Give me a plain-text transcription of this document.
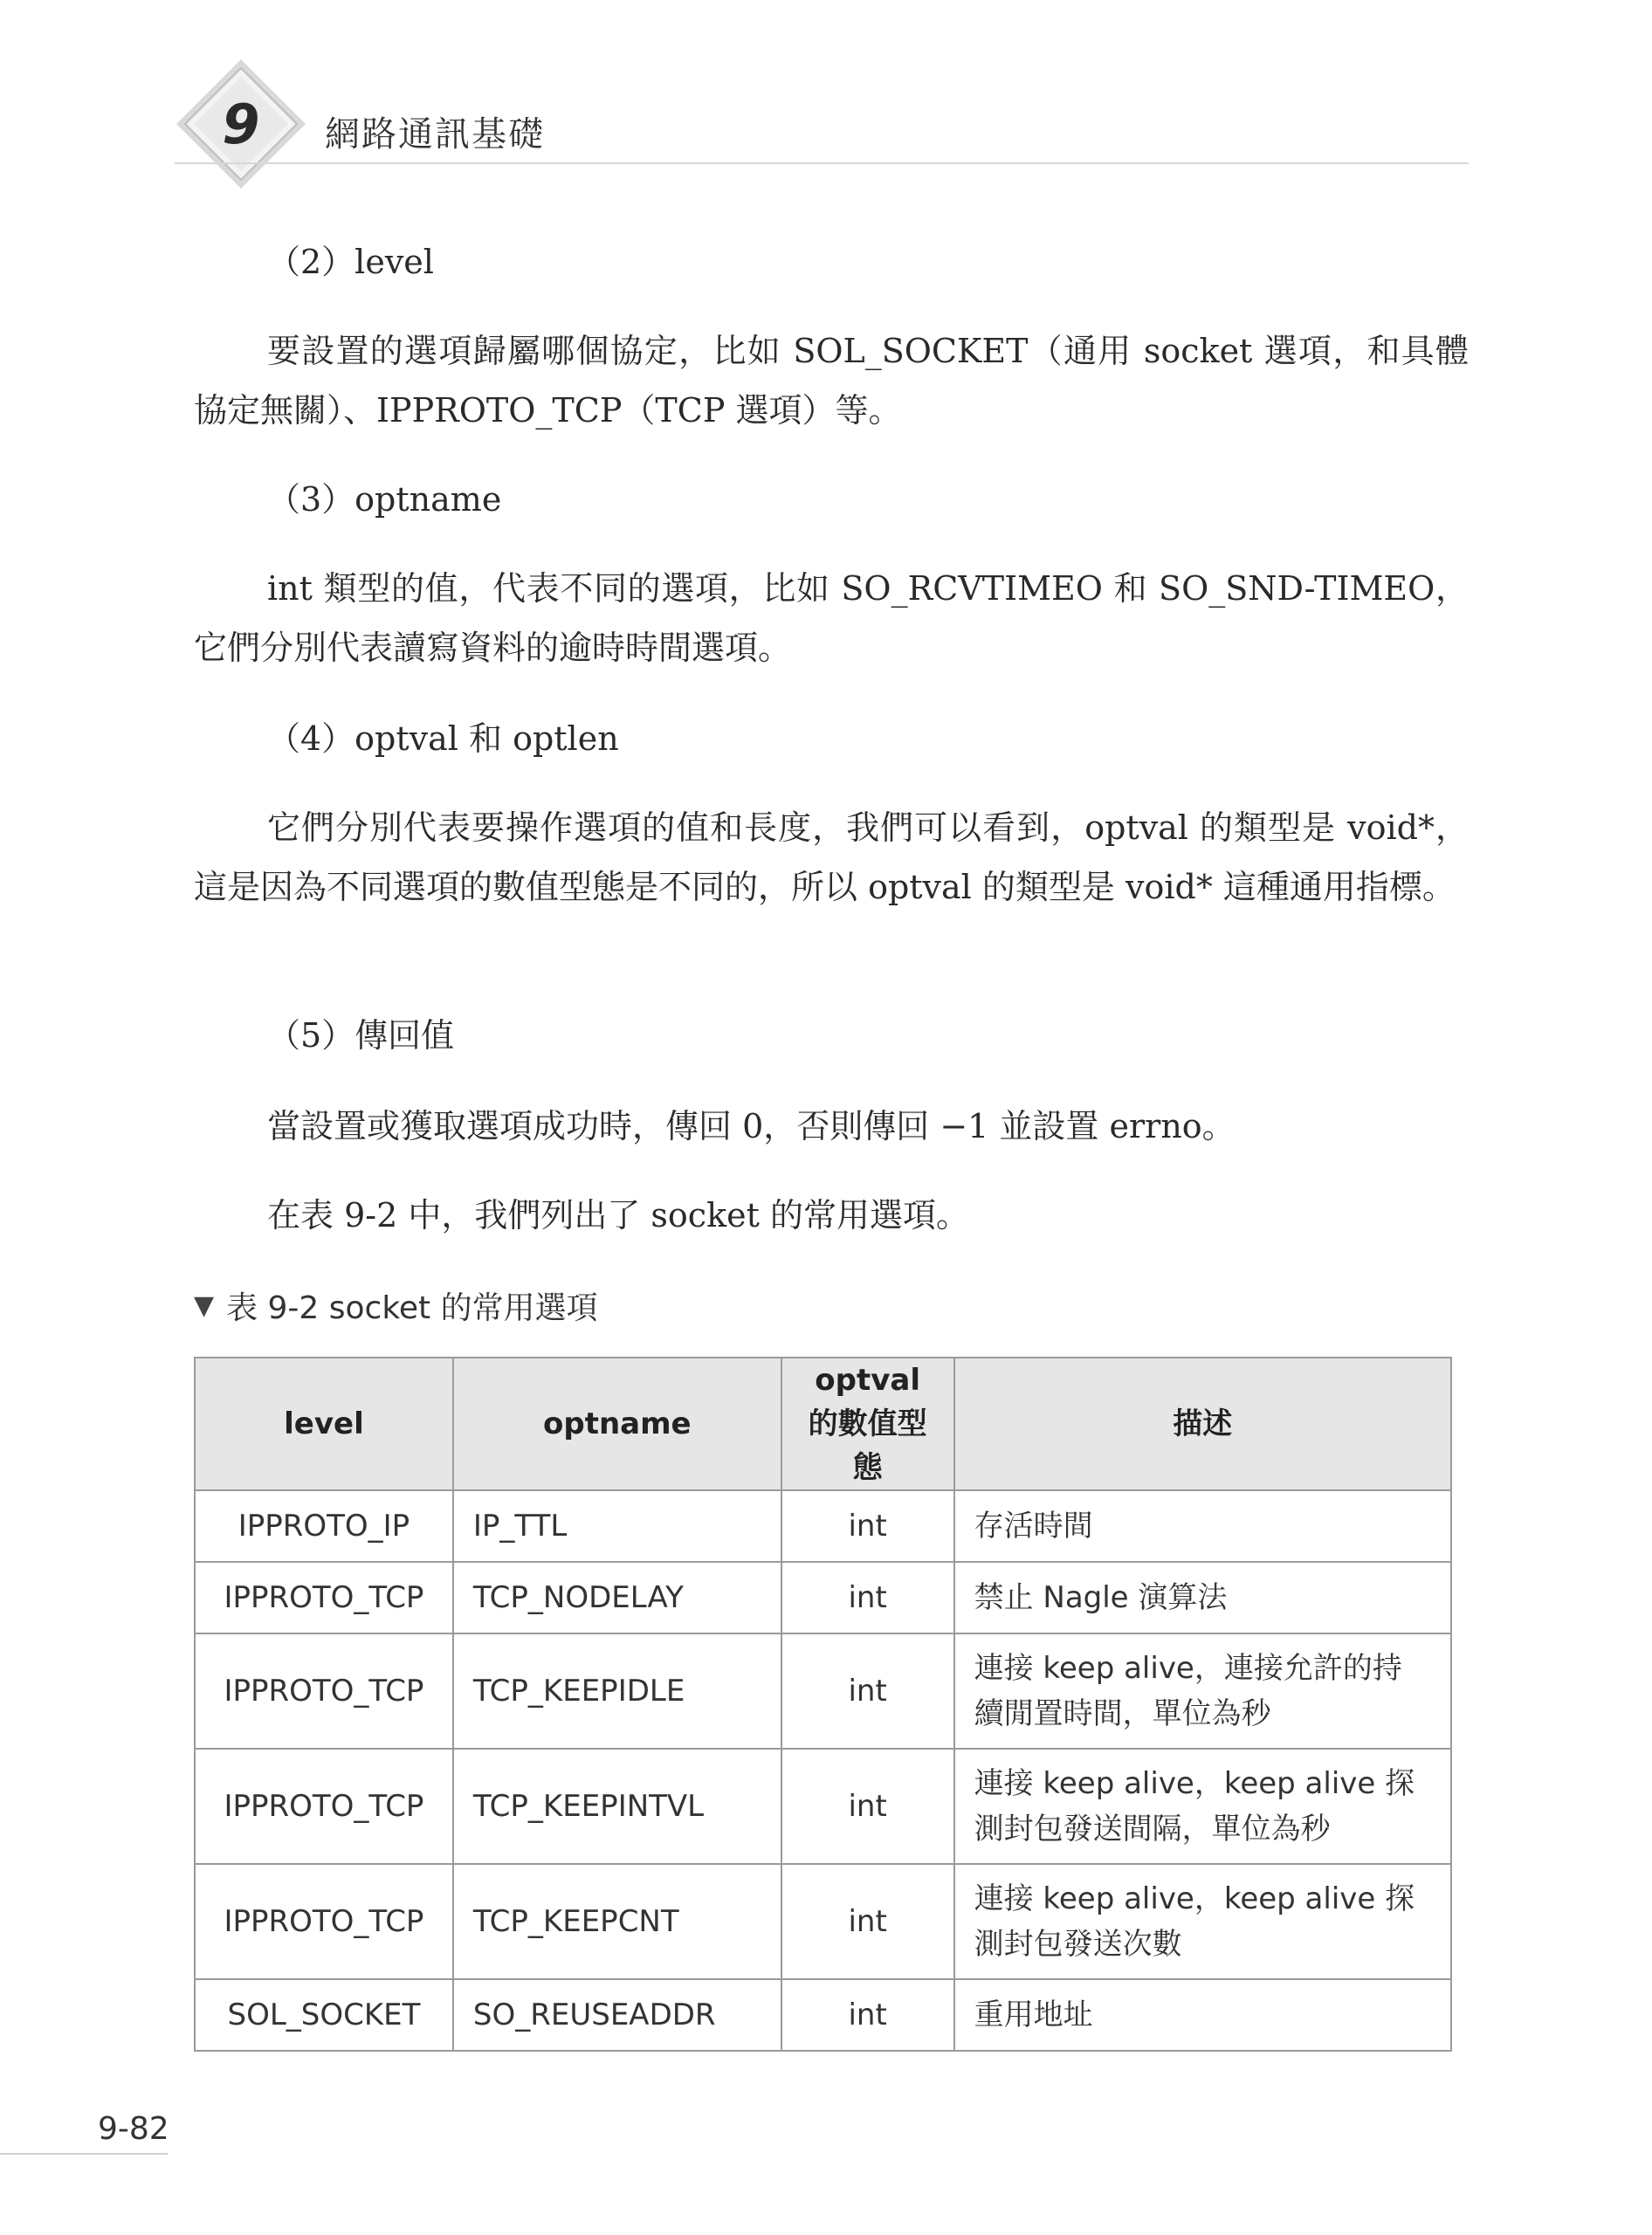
9 網路通訊基礎
（2）level
要設置的選項歸屬哪個協定，比如 SOL_SOCKET（通用 socket 選項，和具體協定無關）、IPPROTO_TCP（TCP 選項）等。
（3）optname
int 類型的值，代表不同的選項，比如 SO_RCVTIMEO 和 SO_SND-TIMEO，它們分別代表讀寫資料的逾時時間選項。
（4）optval 和 optlen
它們分別代表要操作選項的值和長度，我們可以看到，optval 的類型是 void*，這是因為不同選項的數值型態是不同的，所以 optval 的類型是 void* 這種通用指標。
（5）傳回值
當設置或獲取選項成功時，傳回 0，否則傳回 −1 並設置 errno。
在表 9-2 中，我們列出了 socket 的常用選項。
▼ 表 9-2 socket 的常用選項
level	optname	optval 的數值型態	描述
IPPROTO_IP	IP_TTL	int	存活時間
IPPROTO_TCP	TCP_NODELAY	int	禁止 Nagle 演算法
IPPROTO_TCP	TCP_KEEPIDLE	int	連接 keep alive，連接允許的持續閒置時間，單位為秒
IPPROTO_TCP	TCP_KEEPINTVL	int	連接 keep alive，keep alive 探測封包發送間隔，單位為秒
IPPROTO_TCP	TCP_KEEPCNT	int	連接 keep alive，keep alive 探測封包發送次數
SOL_SOCKET	SO_REUSEADDR	int	重用地址
9-82
